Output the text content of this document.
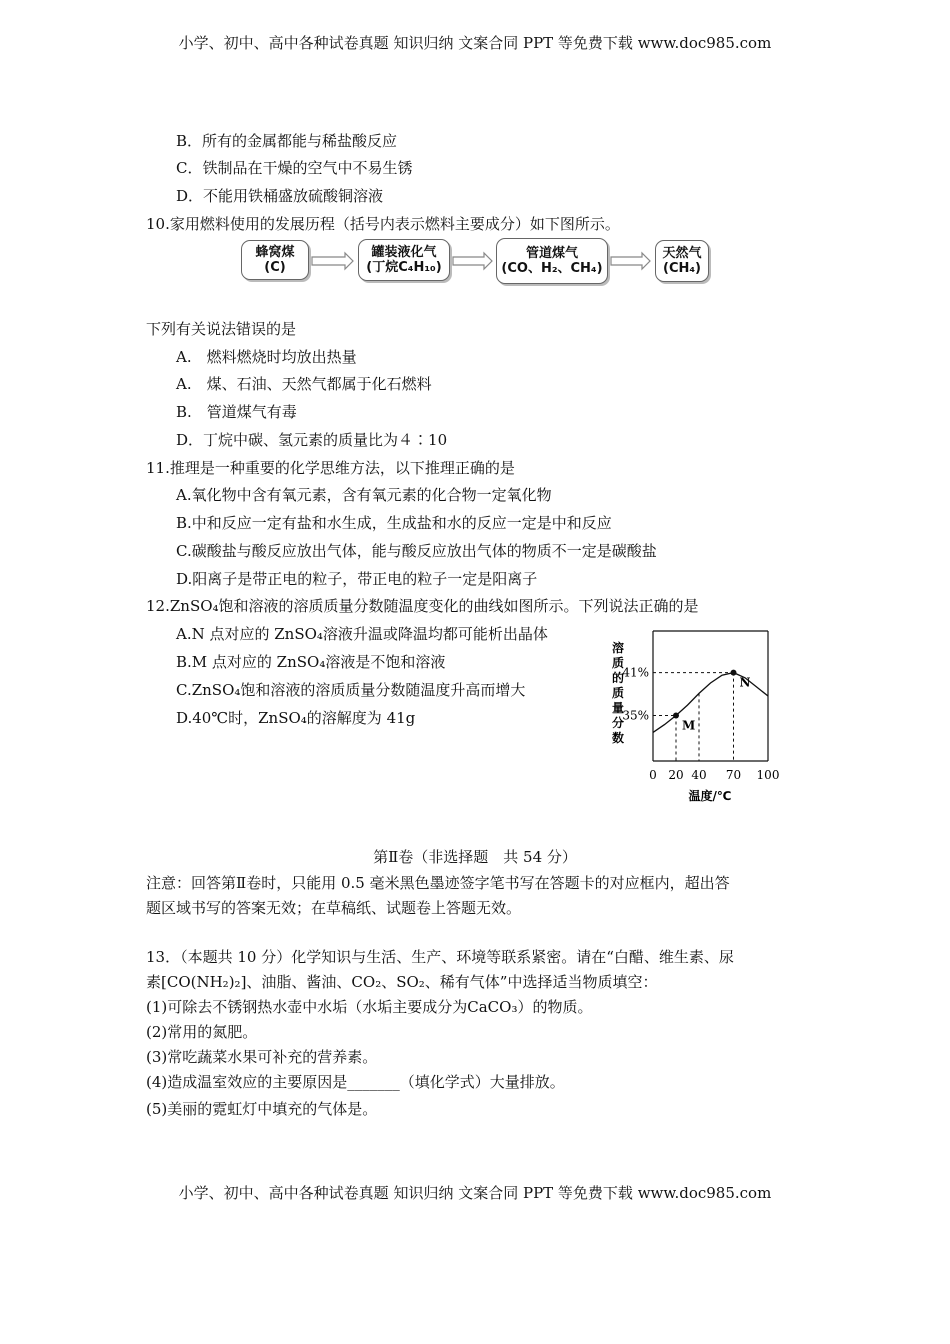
小学、初中、高中各种试卷真题 知识归纳 文案合同 PPT 等免费下载 www.doc985.com
B．所有的金属都能与稀盐酸反应
C．铁制品在干燥的空气中不易生锈
D．不能用铁桶盛放硫酸铜溶液
10.家用燃料使用的发展历程（括号内表示燃料主要成分）如下图所示。
蜂窝煤
(C)
罐装液化气
(丁烷C₄H₁₀)
管道煤气
(CO、H₂、CH₄)
天然气
(CH₄)
下列有关说法错误的是
A.　燃料燃烧时均放出热量
A.　煤、石油、天然气都属于化石燃料
B.　管道煤气有毒
D．丁烷中碳、氢元素的质量比为４∶10
11.推理是一种重要的化学思维方法，以下推理正确的是
A.氧化物中含有氧元素，含有氧元素的化合物一定氧化物
B.中和反应一定有盐和水生成，生成盐和水的反应一定是中和反应
C.碳酸盐与酸反应放出气体，能与酸反应放出气体的物质不一定是碳酸盐
D.阳离子是带正电的粒子，带正电的粒子一定是阳离子
12.ZnSO₄饱和溶液的溶质质量分数随温度变化的曲线如图所示。下列说法正确的是
A.N 点对应的 ZnSO₄溶液升温或降温均都可能析出晶体
B.M 点对应的 ZnSO₄溶液是不饱和溶液
C.ZnSO₄饱和溶液的溶质质量分数随温度升高而增大
D.40℃时，ZnSO₄的溶解度为 41g
溶质的质量分数
M
N
35%
41%
0 20 40 70 100
温度/℃
第Ⅱ卷（非选择题　共 54 分）
注意：回答第Ⅱ卷时，只能用 0.5 毫米黑色墨迹签字笔书写在答题卡的对应框内，超出答
题区域书写的答案无效；在草稿纸、试题卷上答题无效。
13．（本题共 10 分）化学知识与生活、生产、环境等联系紧密。请在“白醋、维生素、尿
素[CO(NH₂)₂]、油脂、酱油、CO₂、SO₂、稀有气体”中选择适当物质填空：
(1)可除去不锈钢热水壶中水垢（水垢主要成分为CaCO₃）的物质。
(2)常用的氮肥。
(3)常吃蔬菜水果可补充的营养素。
(4)造成温室效应的主要原因是_______（填化学式）大量排放。
(5)美丽的霓虹灯中填充的气体是。
小学、初中、高中各种试卷真题 知识归纳 文案合同 PPT 等免费下载 www.doc985.com
